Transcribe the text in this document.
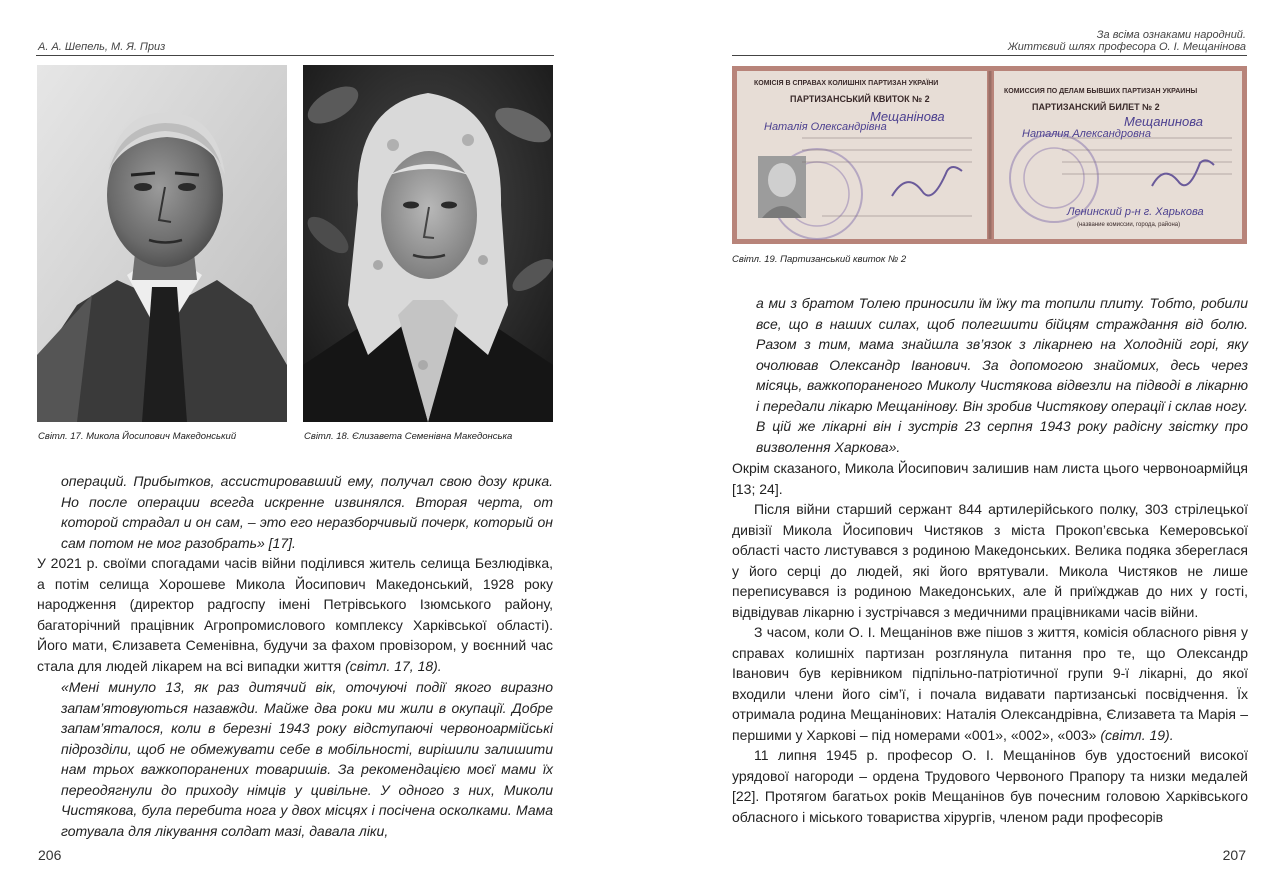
А. А. Шепель, М. Я. Приз
Світл. 17. Микола Йосипович Македонський	Світл. 18. Єлизавета Семенівна Македонська

операций. Прибытков, ассистировавший ему, получал свою дозу крика. Но после операции всегда искренне извинялся. Вторая черта, от которой страдал и он сам, – это его неразборчивый почерк, который он сам потом не мог разобрать» [17].

У 2021 р. своїми спогадами часів війни поділився житель селища Безлюдівка, а потім селища Хорошеве Микола Йосипович Македонський, 1928 року народження (директор радгоспу імені Петрівського Ізюмського району, багаторічний працівник Агропромислового комплексу Харківської області). Його мати, Єлизавета Семенівна, будучи за фахом провізором, у воєнний час стала для людей лікарем на всі випадки життя (світл. 17, 18).

«Мені минуло 13, як раз дитячий вік, оточуючі події якого виразно запам’ятовуються назавжди. Майже два роки ми жили в окупації. Добре запам’яталося, коли в березні 1943 року відступаючі червоноармійські підрозділи, щоб не обмежувати себе в мобільності, вирішили залишити нам трьох важкопоранених товаришів. За рекомендацією моєї мами їх переодягнули до приходу німців у цивільне. У одного з них, Миколи Чистякова, була перебита нога у двох місцях і посічена осколками. Мама готувала для лікування солдат мазі, давала ліки,

206
За всіма ознаками народний.
Життєвий шлях професора О. І. Мещанінова
КОМІСІЯ В СПРАВАХ КОЛИШНІХ ПАРТИЗАН УКРАЇНИ
ПАРТИЗАНСЬКИЙ КВИТОК № 2
Мещанінова
Наталія Олександрівна
КОМИССИЯ ПО ДЕЛАМ БЫВШИХ ПАРТИЗАН УКРАИНЫ
ПАРТИЗАНСКИЙ БИЛЕТ № 2
Мещанинова
Наталия Александровна
Ленинский р-н г. Харькова
(название комиссии, города, района)
Світл. 19. Партизанський квиток № 2

а ми з братом Толею приносили їм їжу та топили плиту. Тобто, робили все, що в наших силах, щоб полегшити бійцям страждання від болю. Разом з тим, мама знайшла зв’язок з лікарнею на Холодній горі, яку очолював Олександр Іванович. За допомогою знайомих, десь через місяць, важкопораненого Миколу Чистякова відвезли на підводі в лікарню і передали лікарю Мещанінову. Він зробив Чистякову операції і склав ногу. В цій же лікарні він і зустрів 23 серпня 1943 року радісну звістку про визволення Харкова».

Окрім сказаного, Микола Йосипович залишив нам листа цього червоноармійця [13; 24].

Після війни старший сержант 844 артилерійського полку, 303 стрілецької дивізії Микола Йосипович Чистяков з міста Прокоп’євська Кемеровської області часто листувався з родиною Македонських. Велика подяка збереглася у його серці до людей, які його врятували. Микола Чистяков не лише переписувався із родиною Македонських, але й приїжджав до них у гості, відвідував лікарню і зустрічався з медичними працівниками часів війни.

З часом, коли О. І. Мещанінов вже пішов з життя, комісія обласного рівня у справах колишніх партизан розглянула питання про те, що Олександр Іванович був керівником підпільно-патріотичної групи 9-ї лікарні, до якої входили члени його сім’ї, і почала видавати партизанські посвідчення. Їх отримала родина Мещанінових: Наталія Олександрівна, Єлизавета та Марія – першими у Харкові – під номерами «001», «002», «003» (світл. 19).

11 липня 1945 р. професор О. І. Мещанінов був удостоєний високої урядової нагороди – ордена Трудового Червоного Прапору та низки медалей [22]. Протягом багатьох років Мещанінов був почесним головою Харківського обласного і міського товариства хірургів, членом ради професорів

207
